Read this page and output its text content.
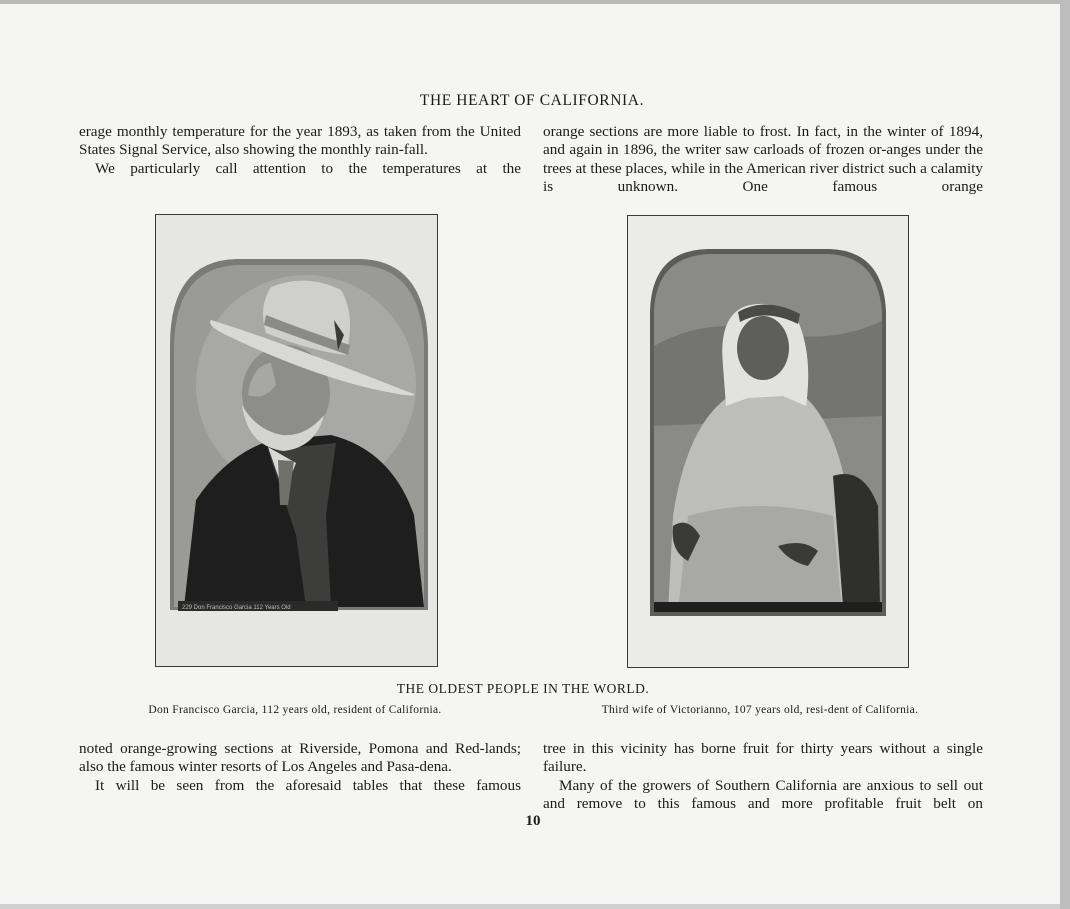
THE HEART OF CALIFORNIA.

erage monthly temperature for the year 1893, as taken from the United States Signal Service, also showing the monthly rain-fall.

We particularly call attention to the temperatures at the

orange sections are more liable to frost. In fact, in the winter of 1894, and again in 1896, the writer saw carloads of frozen or-anges under the trees at these places, while in the American river district such a calamity is unknown. One famous orange

229 Don Francisco Garcia 112 Years Old
THE OLDEST PEOPLE IN THE WORLD.
Don Francisco Garcia, 112 years old, resident of California.	Third wife of Victorianno, 107 years old, resi-dent of California.

noted orange-growing sections at Riverside, Pomona and Red-lands; also the famous winter resorts of Los Angeles and Pasa-dena.

It will be seen from the aforesaid tables that these famous

tree in this vicinity has borne fruit for thirty years without a single failure.

Many of the growers of Southern California are anxious to sell out and remove to this famous and more profitable fruit belt on

10
